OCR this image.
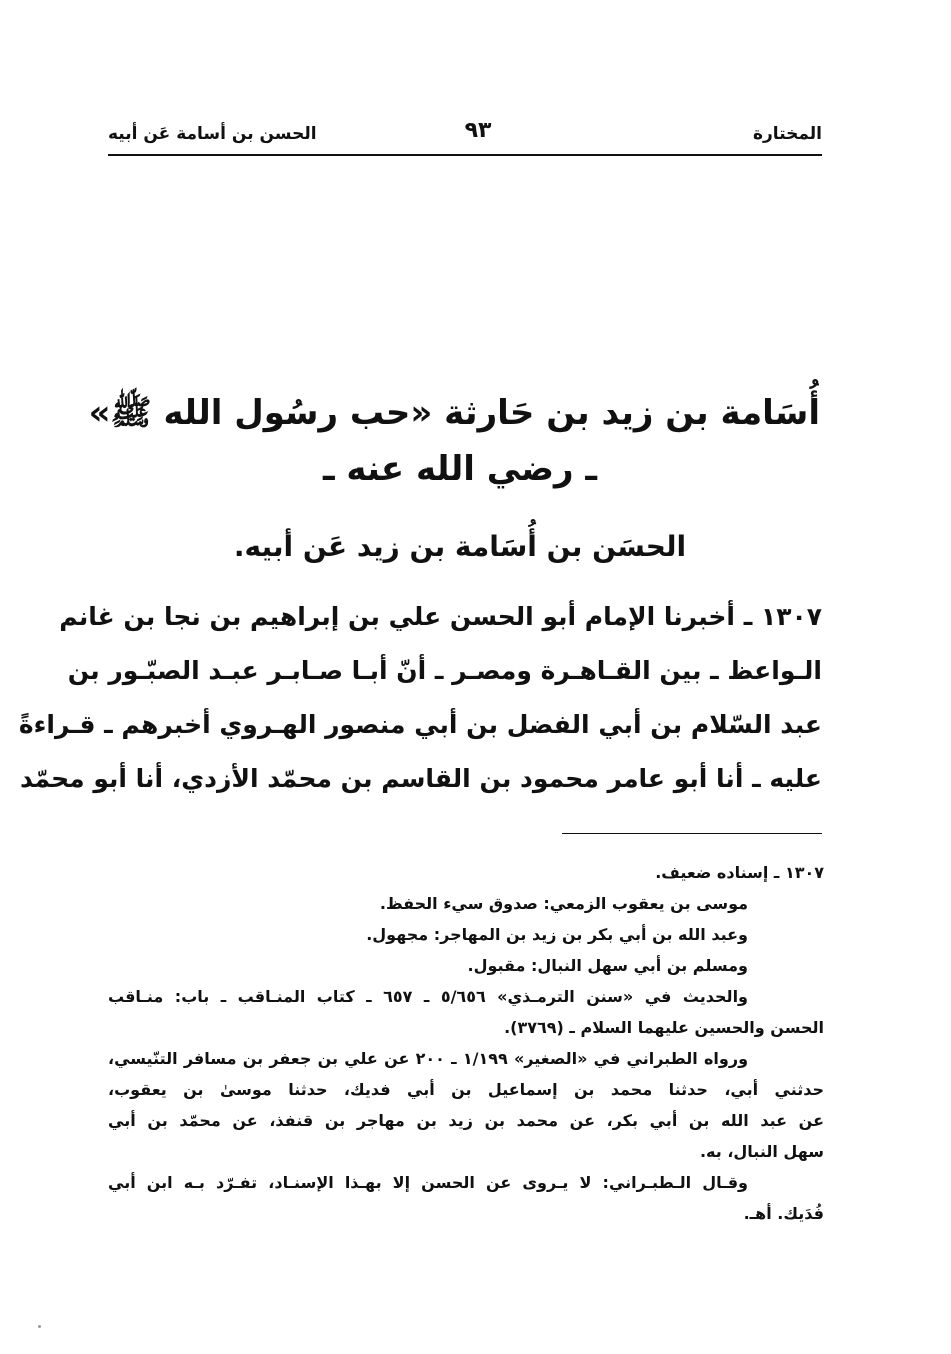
المختارة
٩٣
الحسن بن أسامة عَن أبيه
أُسَامة بن زيد بن حَارثة «حب رسُول الله ﷺ»
ـ رضي الله عنه ـ
الحسَن بن أُسَامة بن زيد عَن أبيه.
١٣٠٧ ـ أخبرنا الإمام أبو الحسن علي بن إبراهيم بن نجا بن غانم
الـواعظ ـ بين القـاهـرة ومصـر ـ أنّ أبـا صـابـر عبـد الصبّـور بن
عبد السّلام بن أبي الفضل بن أبي منصور الهـروي أخبرهم ـ قـراءةً
عليه ـ أنا أبو عامر محمود بن القاسم بن محمّد الأزدي، أنا أبو محمّد
١٣٠٧ ـ إسناده ضعيف.
موسى بن يعقوب الزمعي: صدوق سيء الحفظ.
وعبد الله بن أبي بكر بن زيد بن المهاجر: مجهول.
ومسلم بن أبي سهل النبال: مقبول.
والحديث في «سنن الترمـذي» ٥/٦٥٦ ـ ٦٥٧ ـ كتاب المنـاقب ـ باب: منـاقب
الحسن والحسين عليهما السلام ـ (٣٧٦٩).
ورواه الطبراني في «الصغير» ١/١٩٩ ـ ٢٠٠ عن علي بن جعفر بن مسافر التنّيسي،
حدثني أبي، حدثنا محمد بن إسماعيل بن أبي فديك، حدثنا موسىٰ بن يعقوب،
عن عبد الله بن أبي بكر، عن محمد بن زيد بن مهاجر بن قنفذ، عن محمّد بن أبي
سهل النبال، به.
وقـال الـطبـراني: لا يـروى عن الحسن إلا بهـذا الإسنـاد، تفـرّد بـه ابن أبي
فُدَيك. أهـ.
